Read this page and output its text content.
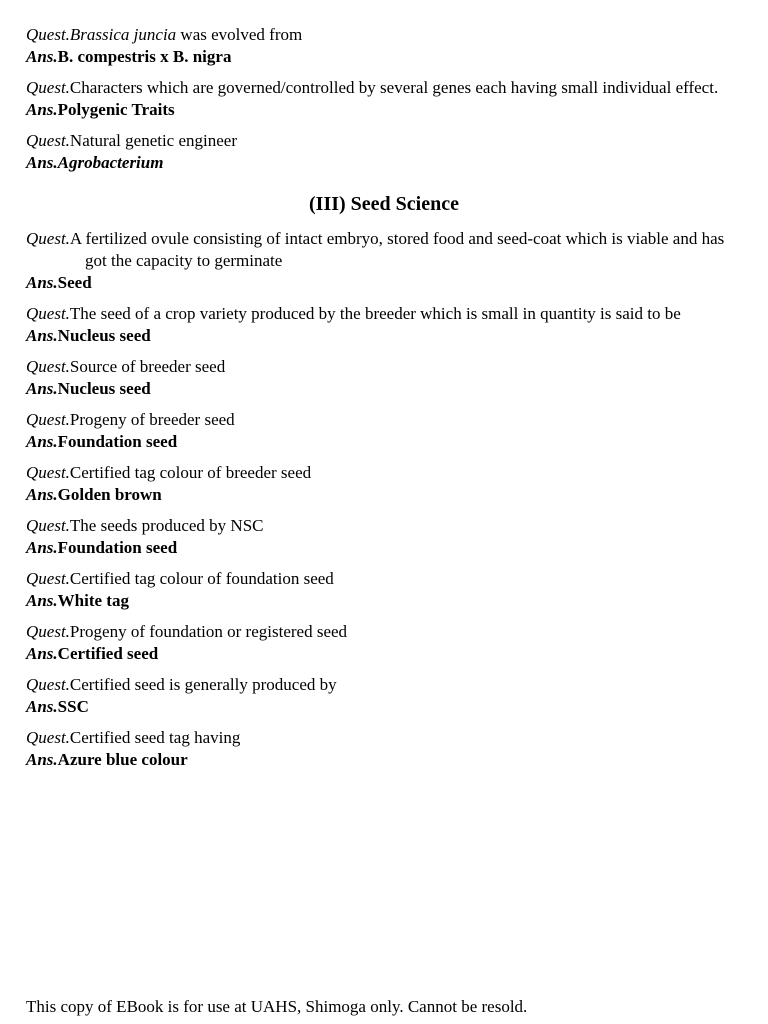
Quest.Brassica juncia was evolved from
Ans.B. compestris x B. nigra
Quest.Characters which are governed/controlled by several genes each having small individual effect.
Ans.Polygenic Traits
Quest.Natural genetic engineer
Ans.Agrobacterium
(III) Seed Science
Quest.A fertilized ovule consisting of intact embryo, stored food and seed-coat which is viable and has got the capacity to germinate
Ans.Seed
Quest.The seed of a crop variety produced by the breeder which is small in quantity is said to be
Ans.Nucleus seed
Quest.Source of breeder seed
Ans.Nucleus seed
Quest.Progeny of breeder seed
Ans.Foundation seed
Quest.Certified tag colour of breeder seed
Ans.Golden brown
Quest.The seeds produced by NSC
Ans.Foundation seed
Quest.Certified tag colour of foundation seed
Ans.White tag
Quest.Progeny of foundation or registered seed
Ans.Certified seed
Quest.Certified seed is generally produced by
Ans.SSC
Quest.Certified seed tag having
Ans.Azure blue colour
This copy of EBook is for use at UAHS, Shimoga only. Cannot be resold.
